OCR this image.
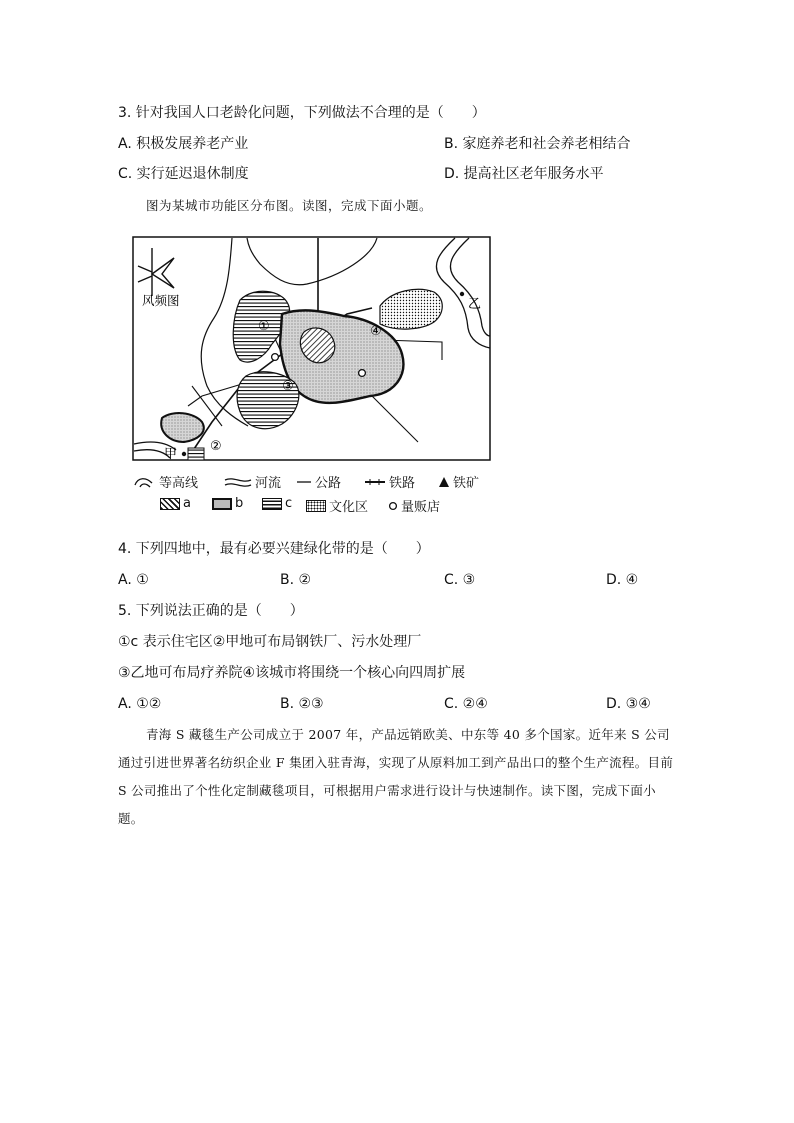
3. 针对我国人口老龄化问题，下列做法不合理的是（　　）
A. 积极发展养老产业	B. 家庭养老和社会养老相结合
C. 实行延迟退休制度	D. 提高社区老年服务水平
图为某城市功能区分布图。读图，完成下面小题。
风频图
①	④
③
②
甲
乙
等高线	河流	公路	铁路	铁矿
a	b	c	文化区	量贩店
4. 下列四地中，最有必要兴建绿化带的是（　　）
A. ①	B. ②	C. ③	D. ④
5. 下列说法正确的是（　　）
①c 表示住宅区②甲地可布局钢铁厂、污水处理厂
③乙地可布局疗养院④该城市将围绕一个核心向四周扩展
A. ①②	B. ②③	C. ②④	D. ③④
青海 S 藏毯生产公司成立于 2007 年，产品远销欧美、中东等 40 多个国家。近年来 S 公司通过引进世界著名纺织企业 F 集团入驻青海，实现了从原料加工到产品出口的整个生产流程。目前 S 公司推出了个性化定制藏毯项目，可根据用户需求进行设计与快速制作。读下图，完成下面小题。
